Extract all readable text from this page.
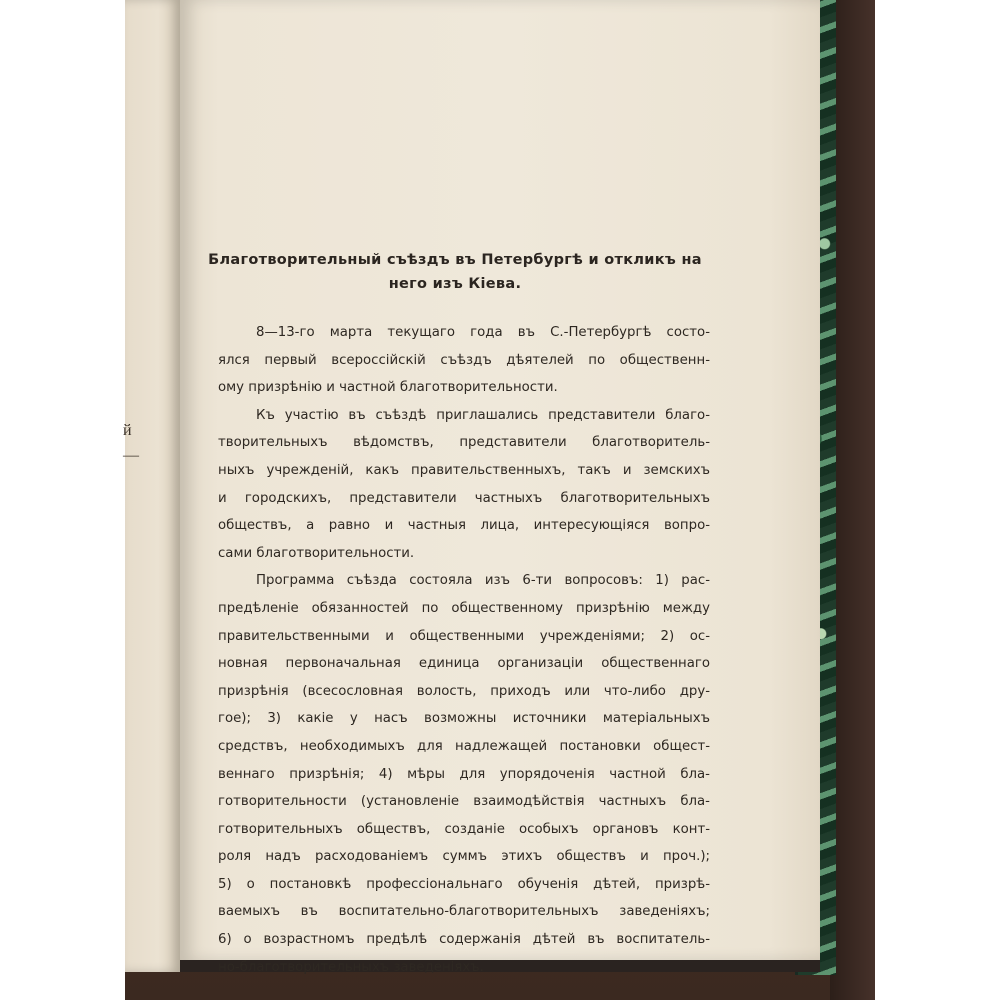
й
—
Благотворительный съѣздъ въ Петербургѣ и откликъ на
него изъ Кіева.
8—13-го марта текущаго года въ С.-Петербургѣ состо-
ялся первый всероссійскій съѣздъ дѣятелей по общественн-
ому призрѣнію и частной благотворительности.
Къ участію въ съѣздѣ приглашались представители благо-
творительныхъ вѣдомствъ, представители благотворитель-
ныхъ учрежденій, какъ правительственныхъ, такъ и земскихъ
и городскихъ, представители частныхъ благотворительныхъ
обществъ, а равно и частныя лица, интересующіяся вопро-
сами благотворительности.
Программа съѣзда состояла изъ 6-ти вопросовъ: 1) рас-
предѣленіе обязанностей по общественному призрѣнію между
правительственными и общественными учрежденіями; 2) ос-
новная первоначальная единица организаціи общественнаго
призрѣнія (всесословная волость, приходъ или что-либо дру-
гое); 3) какіе у насъ возможны источники матеріальныхъ
средствъ, необходимыхъ для надлежащей постановки общест-
веннаго призрѣнія; 4) мѣры для упорядоченія частной бла-
готворительности (установленіе взаимодѣйствія частныхъ бла-
готворительныхъ обществъ, созданіе особыхъ органовъ конт-
роля надъ расходованіемъ суммъ этихъ обществъ и проч.);
5) о постановкѣ профессіональнаго обученія дѣтей, призрѣ-
ваемыхъ въ воспитательно-благотворительныхъ заведеніяхъ;
6) о возрастномъ предѣлѣ содержанія дѣтей въ воспитатель-
но-благотворительныхъ заведеніяхъ.
